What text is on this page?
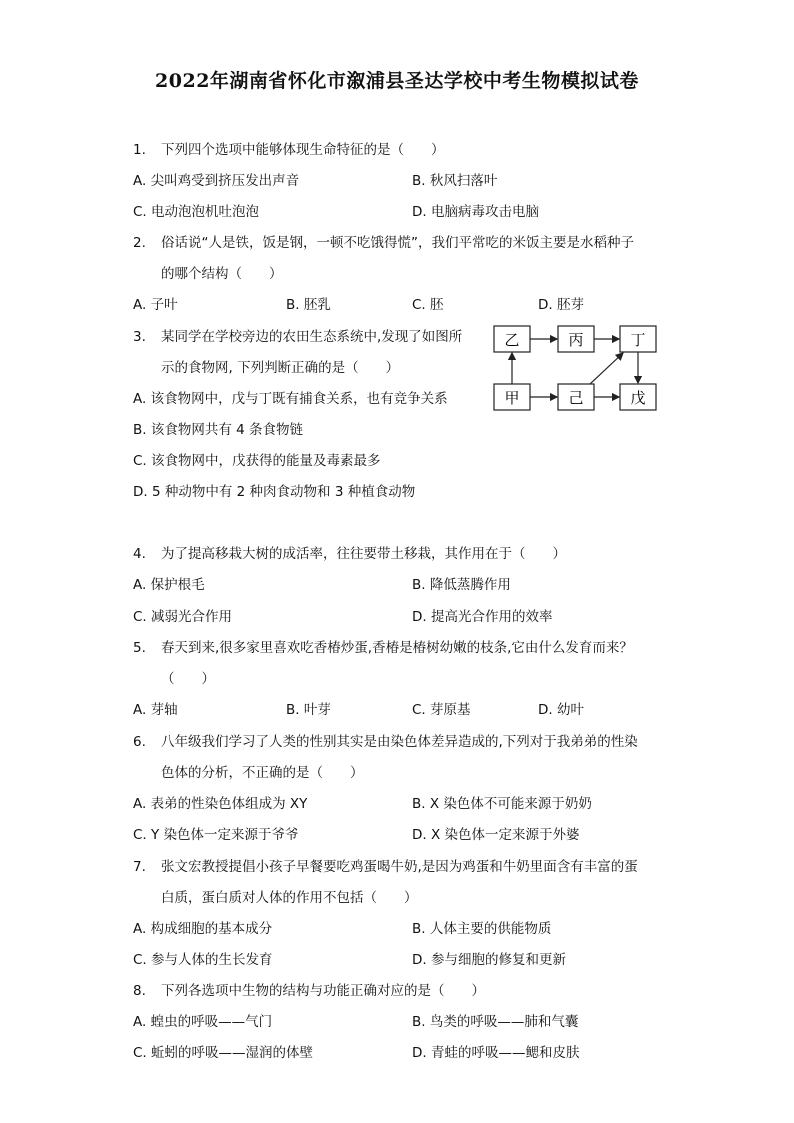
2022年湖南省怀化市溆浦县圣达学校中考生物模拟试卷
1. 下列四个选项中能够体现生命特征的是（　　）
A. 尖叫鸡受到挤压发出声音	B. 秋风扫落叶
C. 电动泡泡机吐泡泡	D. 电脑病毒攻击电脑
2. 俗话说“人是铁，饭是钢，一顿不吃饿得慌”，我们平常吃的米饭主要是水稻种子
的哪个结构（　　）
A. 子叶	B. 胚乳	C. 胚	D. 胚芽
3. 某同学在学校旁边的农田生态系统中,发现了如图所
示的食物网, 下列判断正确的是（　　）
A. 该食物网中，戊与丁既有捕食关系，也有竞争关系
B. 该食物网共有 4 条食物链
C. 该食物网中，戊获得的能量及毒素最多
D. 5 种动物中有 2 种肉食动物和 3 种植食动物
乙	丙	丁
甲	己	戊
4. 为了提高移栽大树的成活率，往往要带土移栽，其作用在于（　　）
A. 保护根毛	B. 降低蒸腾作用
C. 减弱光合作用	D. 提高光合作用的效率
5. 春天到来,很多家里喜欢吃香椿炒蛋,香椿是椿树幼嫩的枝条,它由什么发育而来？
（　　）
A. 芽轴	B. 叶芽	C. 芽原基	D. 幼叶
6. 八年级我们学习了人类的性别其实是由染色体差异造成的,下列对于我弟弟的性染
色体的分析，不正确的是（　　）
A. 表弟的性染色体组成为 XY	B. X 染色体不可能来源于奶奶
C. Y 染色体一定来源于爷爷	D. X 染色体一定来源于外婆
7. 张文宏教授提倡小孩子早餐要吃鸡蛋喝牛奶,是因为鸡蛋和牛奶里面含有丰富的蛋
白质，蛋白质对人体的作用不包括（　　）
A. 构成细胞的基本成分	B. 人体主要的供能物质
C. 参与人体的生长发育	D. 参与细胞的修复和更新
8. 下列各选项中生物的结构与功能正确对应的是（　　）
A. 蝗虫的呼吸——气门	B. 鸟类的呼吸——肺和气囊
C. 蚯蚓的呼吸——湿润的体壁	D. 青蛙的呼吸——鳃和皮肤
